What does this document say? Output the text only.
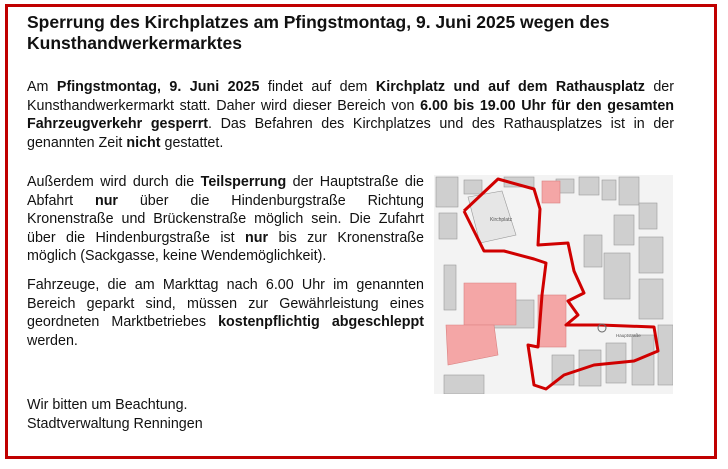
Sperrung des Kirchplatzes am Pfingstmontag, 9. Juni 2025 wegen des Kunsthandwerkermarktes

Am Pfingstmontag, 9. Juni 2025 findet auf dem Kirchplatz und auf dem Rathausplatz der Kunsthandwerkermarkt statt. Daher wird dieser Bereich von 6.00 bis 19.00 Uhr für den gesamten Fahrzeugverkehr gesperrt. Das Befahren des Kirchplatzes und des Rathausplatzes ist in der genannten Zeit nicht gestattet.

Außerdem wird durch die Teilsperrung der Hauptstraße die Abfahrt nur über die Hindenburgstraße Richtung Kronenstraße und Brückenstraße möglich sein. Die Zufahrt über die Hindenburgstraße ist nur bis zur Kronenstraße möglich (Sackgasse, keine Wendemöglichkeit).

Fahrzeuge, die am Markttag nach 6.00 Uhr im genannten Bereich geparkt sind, müssen zur Gewährleistung eines geordneten Marktbetriebes kostenpflichtig abgeschleppt werden.

Wir bitten um Beachtung.
Stadtverwaltung Renningen

Kirchplatz
Hauptstraße
